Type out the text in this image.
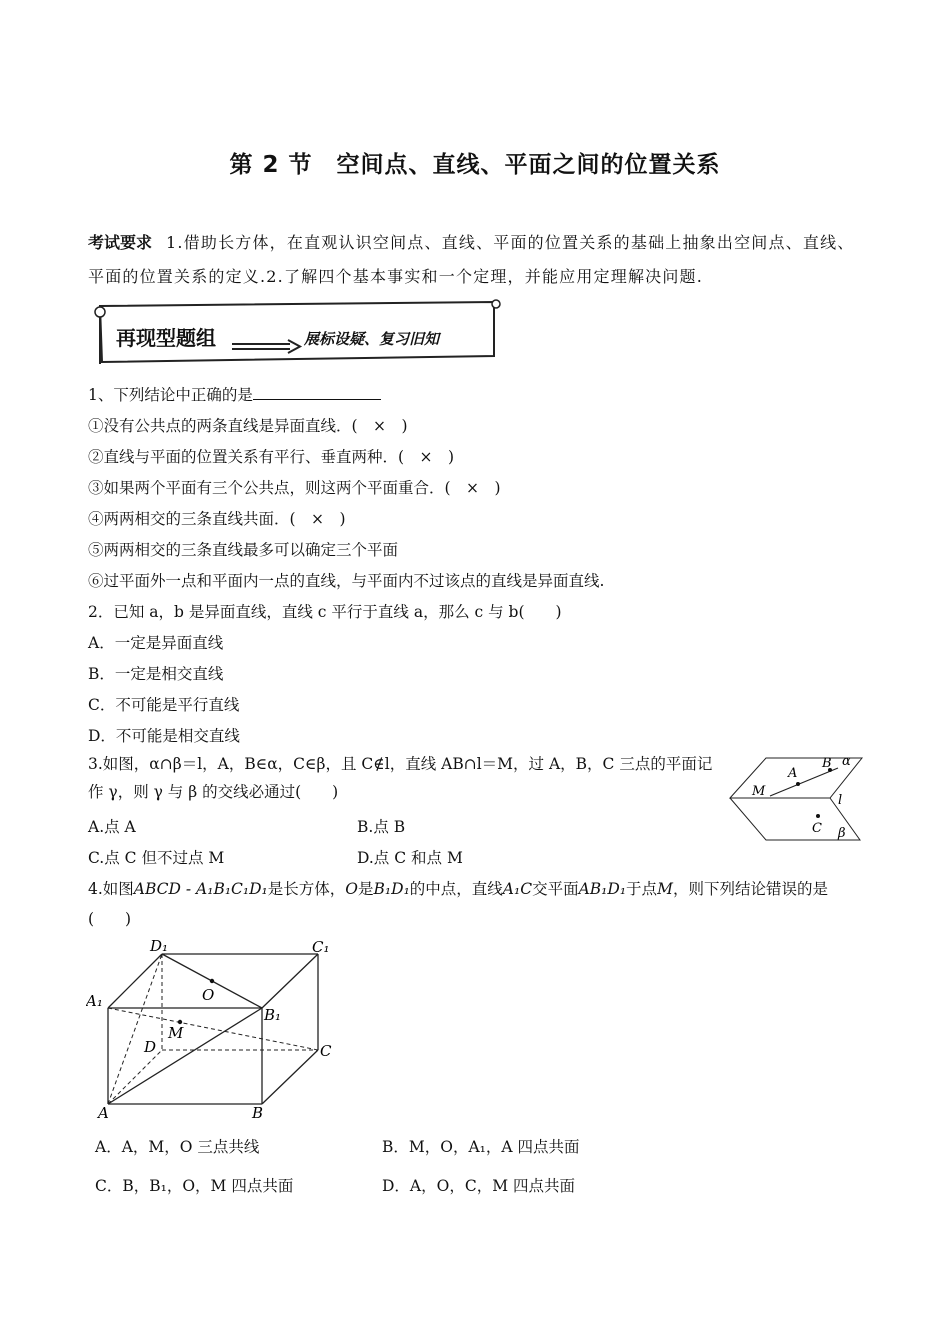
第 2 节　空间点、直线、平面之间的位置关系
考试要求 1.借助长方体，在直观认识空间点、直线、平面的位置关系的基础上抽象出空间点、直线、平面的位置关系的定义.2.了解四个基本事实和一个定理，并能应用定理解决问题.
再现型题组	展标设疑、复习旧知
1、下列结论中正确的是
①没有公共点的两条直线是异面直线．(　×　)
②直线与平面的位置关系有平行、垂直两种．(　×　)
③如果两个平面有三个公共点，则这两个平面重合．(　×　)
④两两相交的三条直线共面．(　×　)
⑤两两相交的三条直线最多可以确定三个平面
⑥过平面外一点和平面内一点的直线，与平面内不过该点的直线是异面直线.
2．已知 a，b 是异面直线，直线 c 平行于直线 a，那么 c 与 b(　　)
A．一定是异面直线
B．一定是相交直线
C．不可能是平行直线
D．不可能是相交直线
3.如图，α∩β＝l，A，B∈α，C∈β，且 C∉l，直线 AB∩l＝M，过 A，B，C 三点的平面记作 γ，则 γ 与 β 的交线必通过(　　)
A.点 A	B.点 B
C.点 C 但不过点 M	D.点 C 和点 M
A
B α
M
l
C β
4.如图ABCD - A₁B₁C₁D₁是长方体，O是B₁D₁的中点，直线A₁C交平面AB₁D₁于点M，则下列结论错误的是
(　　)
D₁	C₁
A₁	O
B₁
M
D	C
A	B
A．A，M，O 三点共线	B．M，O，A₁，A 四点共面
C．B，B₁，O，M 四点共面	D．A，O，C，M 四点共面
